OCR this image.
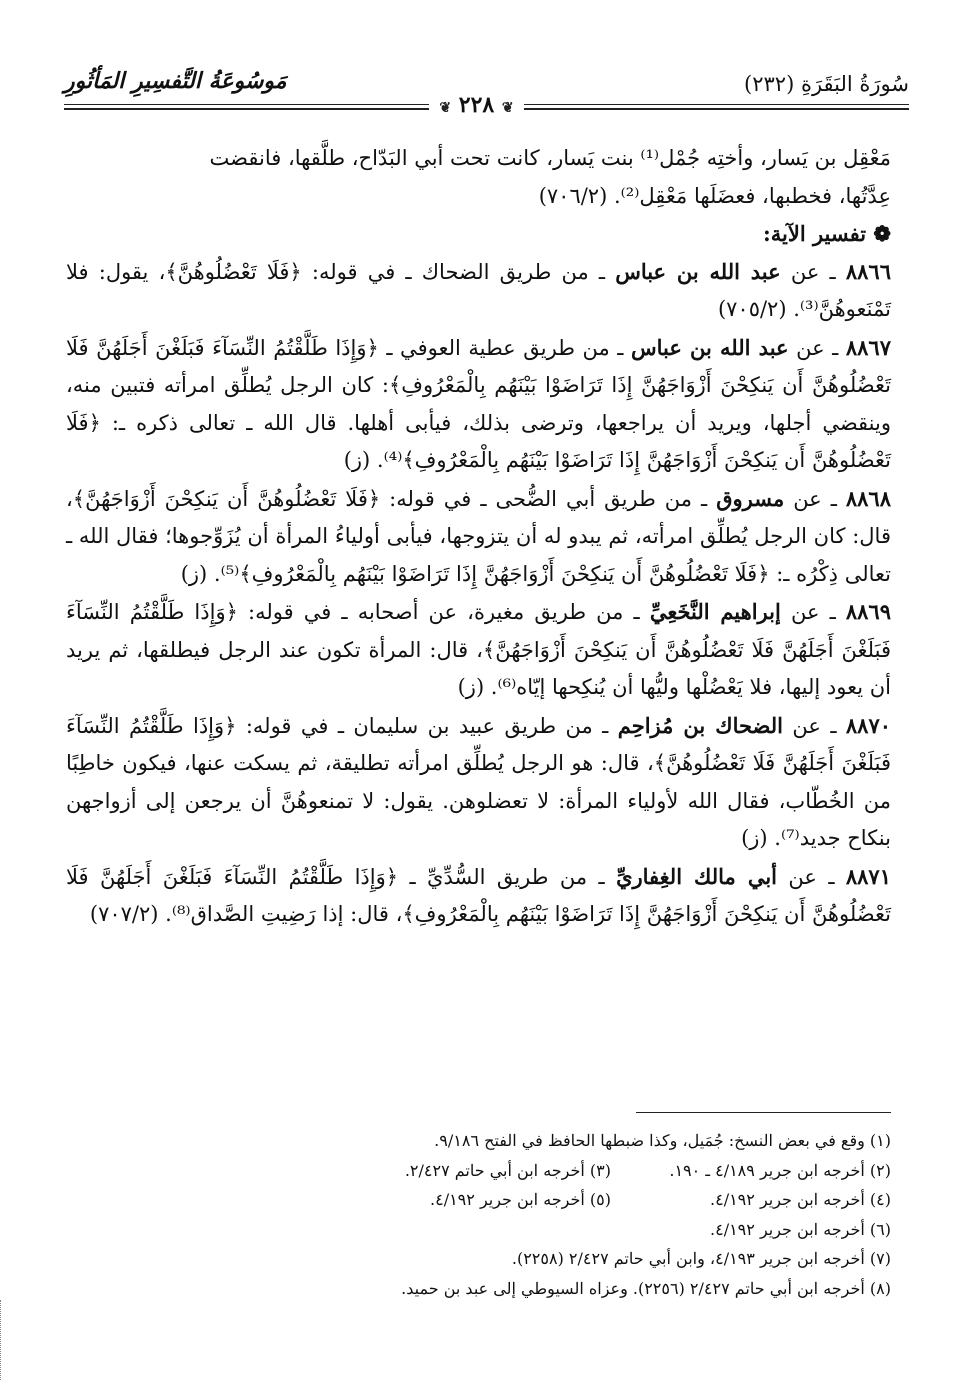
سُورَةُ البَقَرَةِ (٢٣٢)
مَوسُوعَةُ التَّفسِيرِ المَأثُورِ
❦ ٢٢٨ ❦

مَعْقِل بن يَسار، وأختِه جُمْل⁽¹⁾ بنت يَسار، كانت تحت أبي البَدّاح، طلَّقها، فانقضت

عِدَّتُها، فخطبها، فعضَلَها مَعْقِل⁽²⁾. (٧٠٦/٢)

❁ تفسير الآية:

٨٨٦٦ ـ عن عبد الله بن عباس ـ من طريق الضحاك ـ في قوله: ﴿فَلَا تَعْضُلُوهُنَّ﴾، يقول: فلا تَمْنَعوهُنَّ⁽³⁾. (٧٠٥/٢)

٨٨٦٧ ـ عن عبد الله بن عباس ـ من طريق عطية العوفي ـ ﴿وَإِذَا طَلَّقْتُمُ النِّسَآءَ فَبَلَغْنَ أَجَلَهُنَّ فَلَا تَعْضُلُوهُنَّ أَن يَنكِحْنَ أَزْوَاجَهُنَّ إِذَا تَرَاضَوْا بَيْنَهُم بِالْمَعْرُوفِ﴾: كان الرجل يُطلِّق امرأته فتبين منه، وينقضي أجلها، ويريد أن يراجعها، وترضى بذلك، فيأبى أهلها. قال الله ـ تعالى ذكره ـ: ﴿فَلَا تَعْضُلُوهُنَّ أَن يَنكِحْنَ أَزْوَاجَهُنَّ إِذَا تَرَاضَوْا بَيْنَهُم بِالْمَعْرُوفِ﴾⁽⁴⁾. (ز)

٨٨٦٨ ـ عن مسروق ـ من طريق أبي الضُّحى ـ في قوله: ﴿فَلَا تَعْضُلُوهُنَّ أَن يَنكِحْنَ أَزْوَاجَهُنَّ﴾، قال: كان الرجل يُطلِّق امرأته، ثم يبدو له أن يتزوجها، فيأبى أولياءُ المرأة أن يُزَوِّجوها؛ فقال الله ـ تعالى ذِكْرُه ـ: ﴿فَلَا تَعْضُلُوهُنَّ أَن يَنكِحْنَ أَزْوَاجَهُنَّ إِذَا تَرَاضَوْا بَيْنَهُم بِالْمَعْرُوفِ﴾⁽⁵⁾. (ز)

٨٨٦٩ ـ عن إبراهيم النَّخَعِيِّ ـ من طريق مغيرة، عن أصحابه ـ في قوله: ﴿وَإِذَا طَلَّقْتُمُ النِّسَآءَ فَبَلَغْنَ أَجَلَهُنَّ فَلَا تَعْضُلُوهُنَّ أَن يَنكِحْنَ أَزْوَاجَهُنَّ﴾، قال: المرأة تكون عند الرجل فيطلقها، ثم يريد أن يعود إليها، فلا يَعْضُلْها وليُّها أن يُنكِحها إيّاه⁽⁶⁾. (ز)

٨٨٧٠ ـ عن الضحاك بن مُزاحِم ـ من طريق عبيد بن سليمان ـ في قوله: ﴿وَإِذَا طَلَّقْتُمُ النِّسَآءَ فَبَلَغْنَ أَجَلَهُنَّ فَلَا تَعْضُلُوهُنَّ﴾، قال: هو الرجل يُطلِّق امرأته تطليقة، ثم يسكت عنها، فيكون خاطِبًا من الخُطّاب، فقال الله لأولياء المرأة: لا تعضلوهن. يقول: لا تمنعوهُنَّ أن يرجعن إلى أزواجهن بنكاح جديد⁽⁷⁾. (ز)

٨٨٧١ ـ عن أبي مالك الغِفاريِّ ـ من طريق السُّدِّيِّ ـ ﴿وَإِذَا طَلَّقْتُمُ النِّسَآءَ فَبَلَغْنَ أَجَلَهُنَّ فَلَا تَعْضُلُوهُنَّ أَن يَنكِحْنَ أَزْوَاجَهُنَّ إِذَا تَرَاضَوْا بَيْنَهُم بِالْمَعْرُوفِ﴾، قال: إذا رَضِيتِ الصَّداق⁽⁸⁾. (٧٠٧/٢)

(١) وقع في بعض النسخ: جُمَيل، وكذا ضبطها الحافظ في الفتح ٩/١٨٦.
(٢) أخرجه ابن جرير ٤/١٨٩ ـ ١٩٠.
(٣) أخرجه ابن أبي حاتم ٢/٤٢٧.
(٤) أخرجه ابن جرير ٤/١٩٢.
(٥) أخرجه ابن جرير ٤/١٩٢.
(٦) أخرجه ابن جرير ٤/١٩٢.
(٧) أخرجه ابن جرير ٤/١٩٣، وابن أبي حاتم ٢/٤٢٧ (٢٢٥٨).
(٨) أخرجه ابن أبي حاتم ٢/٤٢٧ (٢٢٥٦). وعزاه السيوطي إلى عبد بن حميد.
